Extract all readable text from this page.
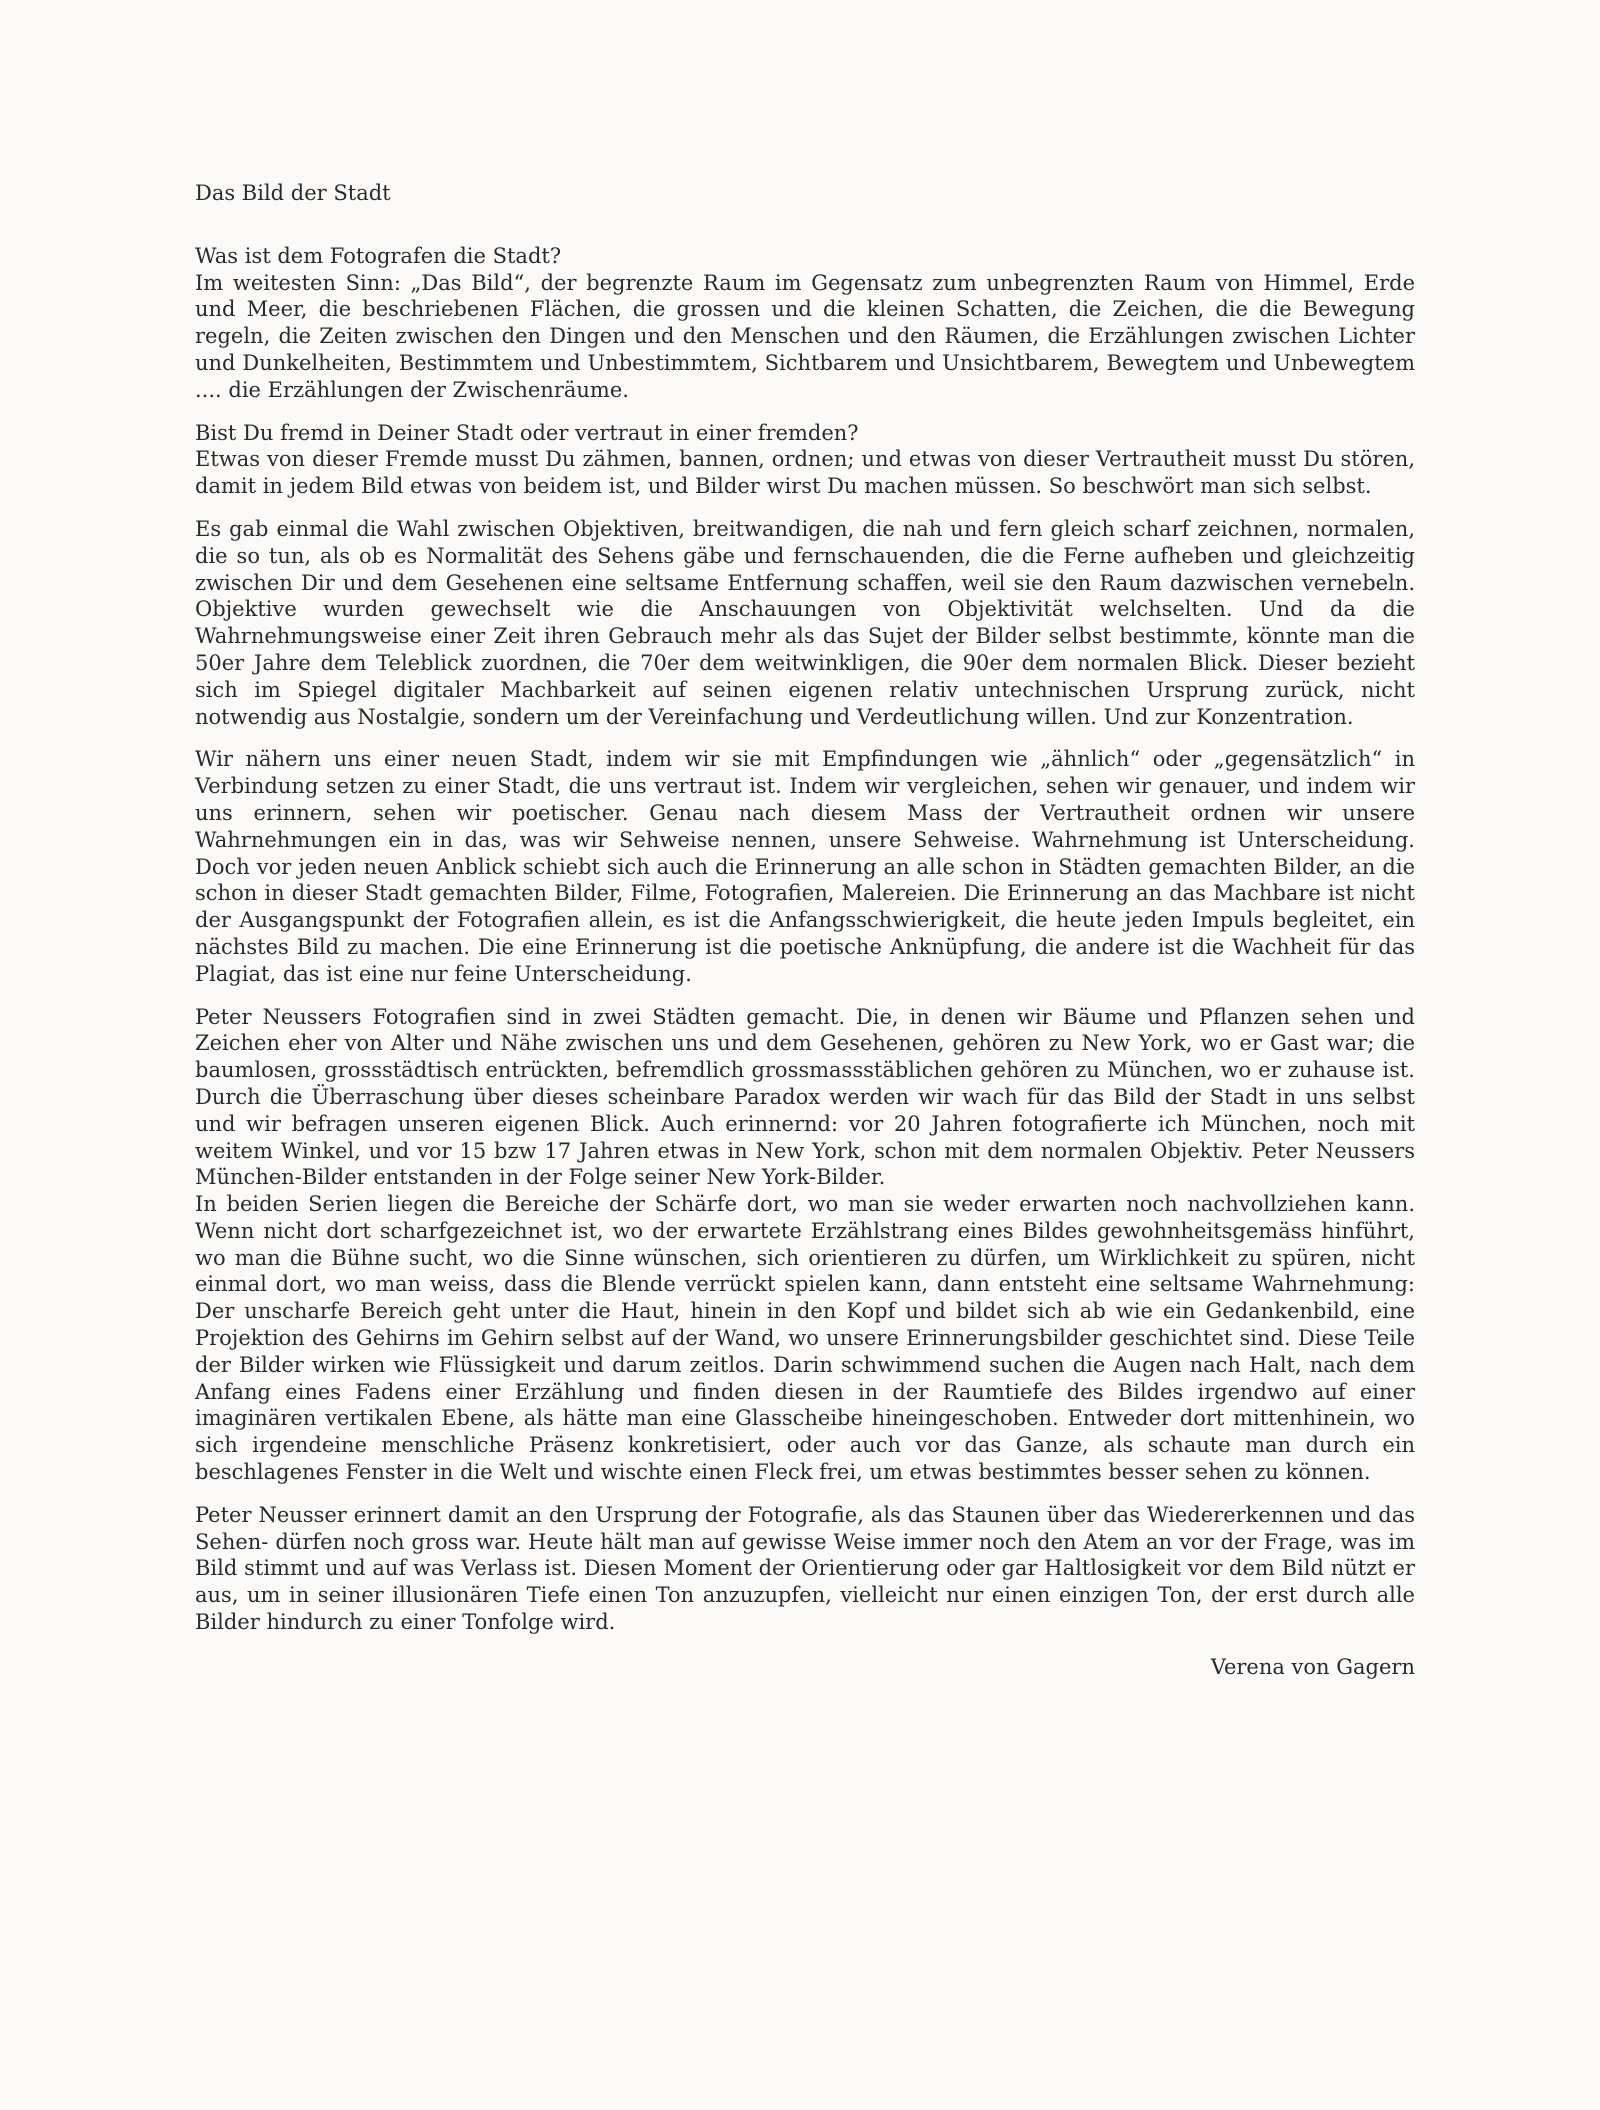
Das Bild der Stadt
Was ist dem Fotografen die Stadt?
Im weitesten Sinn: „Das Bild“, der begrenzte Raum im Gegensatz zum unbegrenzten Raum von Himmel, Erde und Meer, die beschriebenen Flächen, die grossen und die kleinen Schatten, die Zeichen, die die Bewegung regeln, die Zeiten zwischen den Dingen und den Menschen und den Räumen, die Erzählungen zwischen Lichter und Dunkelheiten, Bestimmtem und Unbestimmtem, Sichtbarem und Unsichtbarem, Bewegtem und Unbewegtem .... die Erzählungen der Zwischenräume.
Bist Du fremd in Deiner Stadt oder vertraut in einer fremden?
Etwas von dieser Fremde musst Du zähmen, bannen, ordnen; und etwas von dieser Vertrautheit musst Du stören, damit in jedem Bild etwas von beidem ist, und Bilder wirst Du machen müssen. So beschwört man sich selbst.
Es gab einmal die Wahl zwischen Objektiven, breitwandigen, die nah und fern gleich scharf zeichnen, normalen, die so tun, als ob es Normalität des Sehens gäbe und fernschauenden, die die Ferne aufheben und gleichzeitig zwischen Dir und dem Gesehenen eine seltsame Entfernung schaffen, weil sie den Raum dazwischen vernebeln. Objektive wurden gewechselt wie die Anschauungen von Objektivität welchselten. Und da die Wahrnehmungsweise einer Zeit ihren Gebrauch mehr als das Sujet der Bilder selbst bestimmte, könnte man die 50er Jahre dem Teleblick zuordnen, die 70er dem weitwinkligen, die 90er dem normalen Blick. Dieser bezieht sich im Spiegel digitaler Machbarkeit auf seinen eigenen relativ untechnischen Ursprung zurück, nicht notwendig aus Nostalgie, sondern um der Vereinfachung und Verdeutlichung willen. Und zur Konzentration.
Wir nähern uns einer neuen Stadt, indem wir sie mit Empfindungen wie „ähnlich“ oder „gegensätzlich“ in Verbindung setzen zu einer Stadt, die uns vertraut ist. Indem wir vergleichen, sehen wir genauer, und indem wir uns erinnern, sehen wir poetischer. Genau nach diesem Mass der Vertrautheit ordnen wir unsere Wahrnehmungen ein in das, was wir Sehweise nennen, unsere Sehweise. Wahrnehmung ist Unterscheidung. Doch vor jeden neuen Anblick schiebt sich auch die Erinnerung an alle schon in Städten gemachten Bilder, an die schon in dieser Stadt gemachten Bilder, Filme, Fotografien, Malereien. Die Erinnerung an das Machbare ist nicht der Ausgangspunkt der Fotografien allein, es ist die Anfangsschwierigkeit, die heute jeden Impuls begleitet, ein nächstes Bild zu machen. Die eine Erinnerung ist die poetische Anknüpfung, die andere ist die Wachheit für das Plagiat, das ist eine nur feine Unterscheidung.
Peter Neussers Fotografien sind in zwei Städten gemacht. Die, in denen wir Bäume und Pflanzen sehen und Zeichen eher von Alter und Nähe zwischen uns und dem Gesehenen, gehören zu New York, wo er Gast war; die baumlosen, grossstädtisch entrückten, befremdlich grossmassstäblichen gehören zu München, wo er zuhause ist. Durch die Überraschung über dieses scheinbare Paradox werden wir wach für das Bild der Stadt in uns selbst und wir befragen unseren eigenen Blick. Auch erinnernd: vor 20 Jahren fotografierte ich München, noch mit weitem Winkel, und vor 15 bzw 17 Jahren etwas in New York, schon mit dem normalen Objektiv. Peter Neussers München-Bilder entstanden in der Folge seiner New York-Bilder.
In beiden Serien liegen die Bereiche der Schärfe dort, wo man sie weder erwarten noch nachvollziehen kann. Wenn nicht dort scharfgezeichnet ist, wo der erwartete Erzählstrang eines Bildes gewohnheitsgemäss hinführt, wo man die Bühne sucht, wo die Sinne wünschen, sich orientieren zu dürfen, um Wirklichkeit zu spüren, nicht einmal dort, wo man weiss, dass die Blende verrückt spielen kann, dann entsteht eine seltsame Wahrnehmung: Der unscharfe Bereich geht unter die Haut, hinein in den Kopf und bildet sich ab wie ein Gedankenbild, eine Projektion des Gehirns im Gehirn selbst auf der Wand, wo unsere Erinnerungsbilder geschichtet sind. Diese Teile der Bilder wirken wie Flüssigkeit und darum zeitlos. Darin schwimmend suchen die Augen nach Halt, nach dem Anfang eines Fadens einer Erzählung und finden diesen in der Raumtiefe des Bildes irgendwo auf einer imaginären vertikalen Ebene, als hätte man eine Glasscheibe hineingeschoben. Entweder dort mittenhinein, wo sich irgendeine menschliche Präsenz konkretisiert, oder auch vor das Ganze, als schaute man durch ein beschlagenes Fenster in die Welt und wischte einen Fleck frei, um etwas bestimmtes besser sehen zu können.
Peter Neusser erinnert damit an den Ursprung der Fotografie, als das Staunen über das Wiedererkennen und das Sehen- dürfen noch gross war. Heute hält man auf gewisse Weise immer noch den Atem an vor der Frage, was im Bild stimmt und auf was Verlass ist. Diesen Moment der Orientierung oder gar Haltlosigkeit vor dem Bild nützt er aus, um in seiner illusionären Tiefe einen Ton anzuzupfen, vielleicht nur einen einzigen Ton, der erst durch alle Bilder hindurch zu einer Tonfolge wird.
Verena von Gagern
